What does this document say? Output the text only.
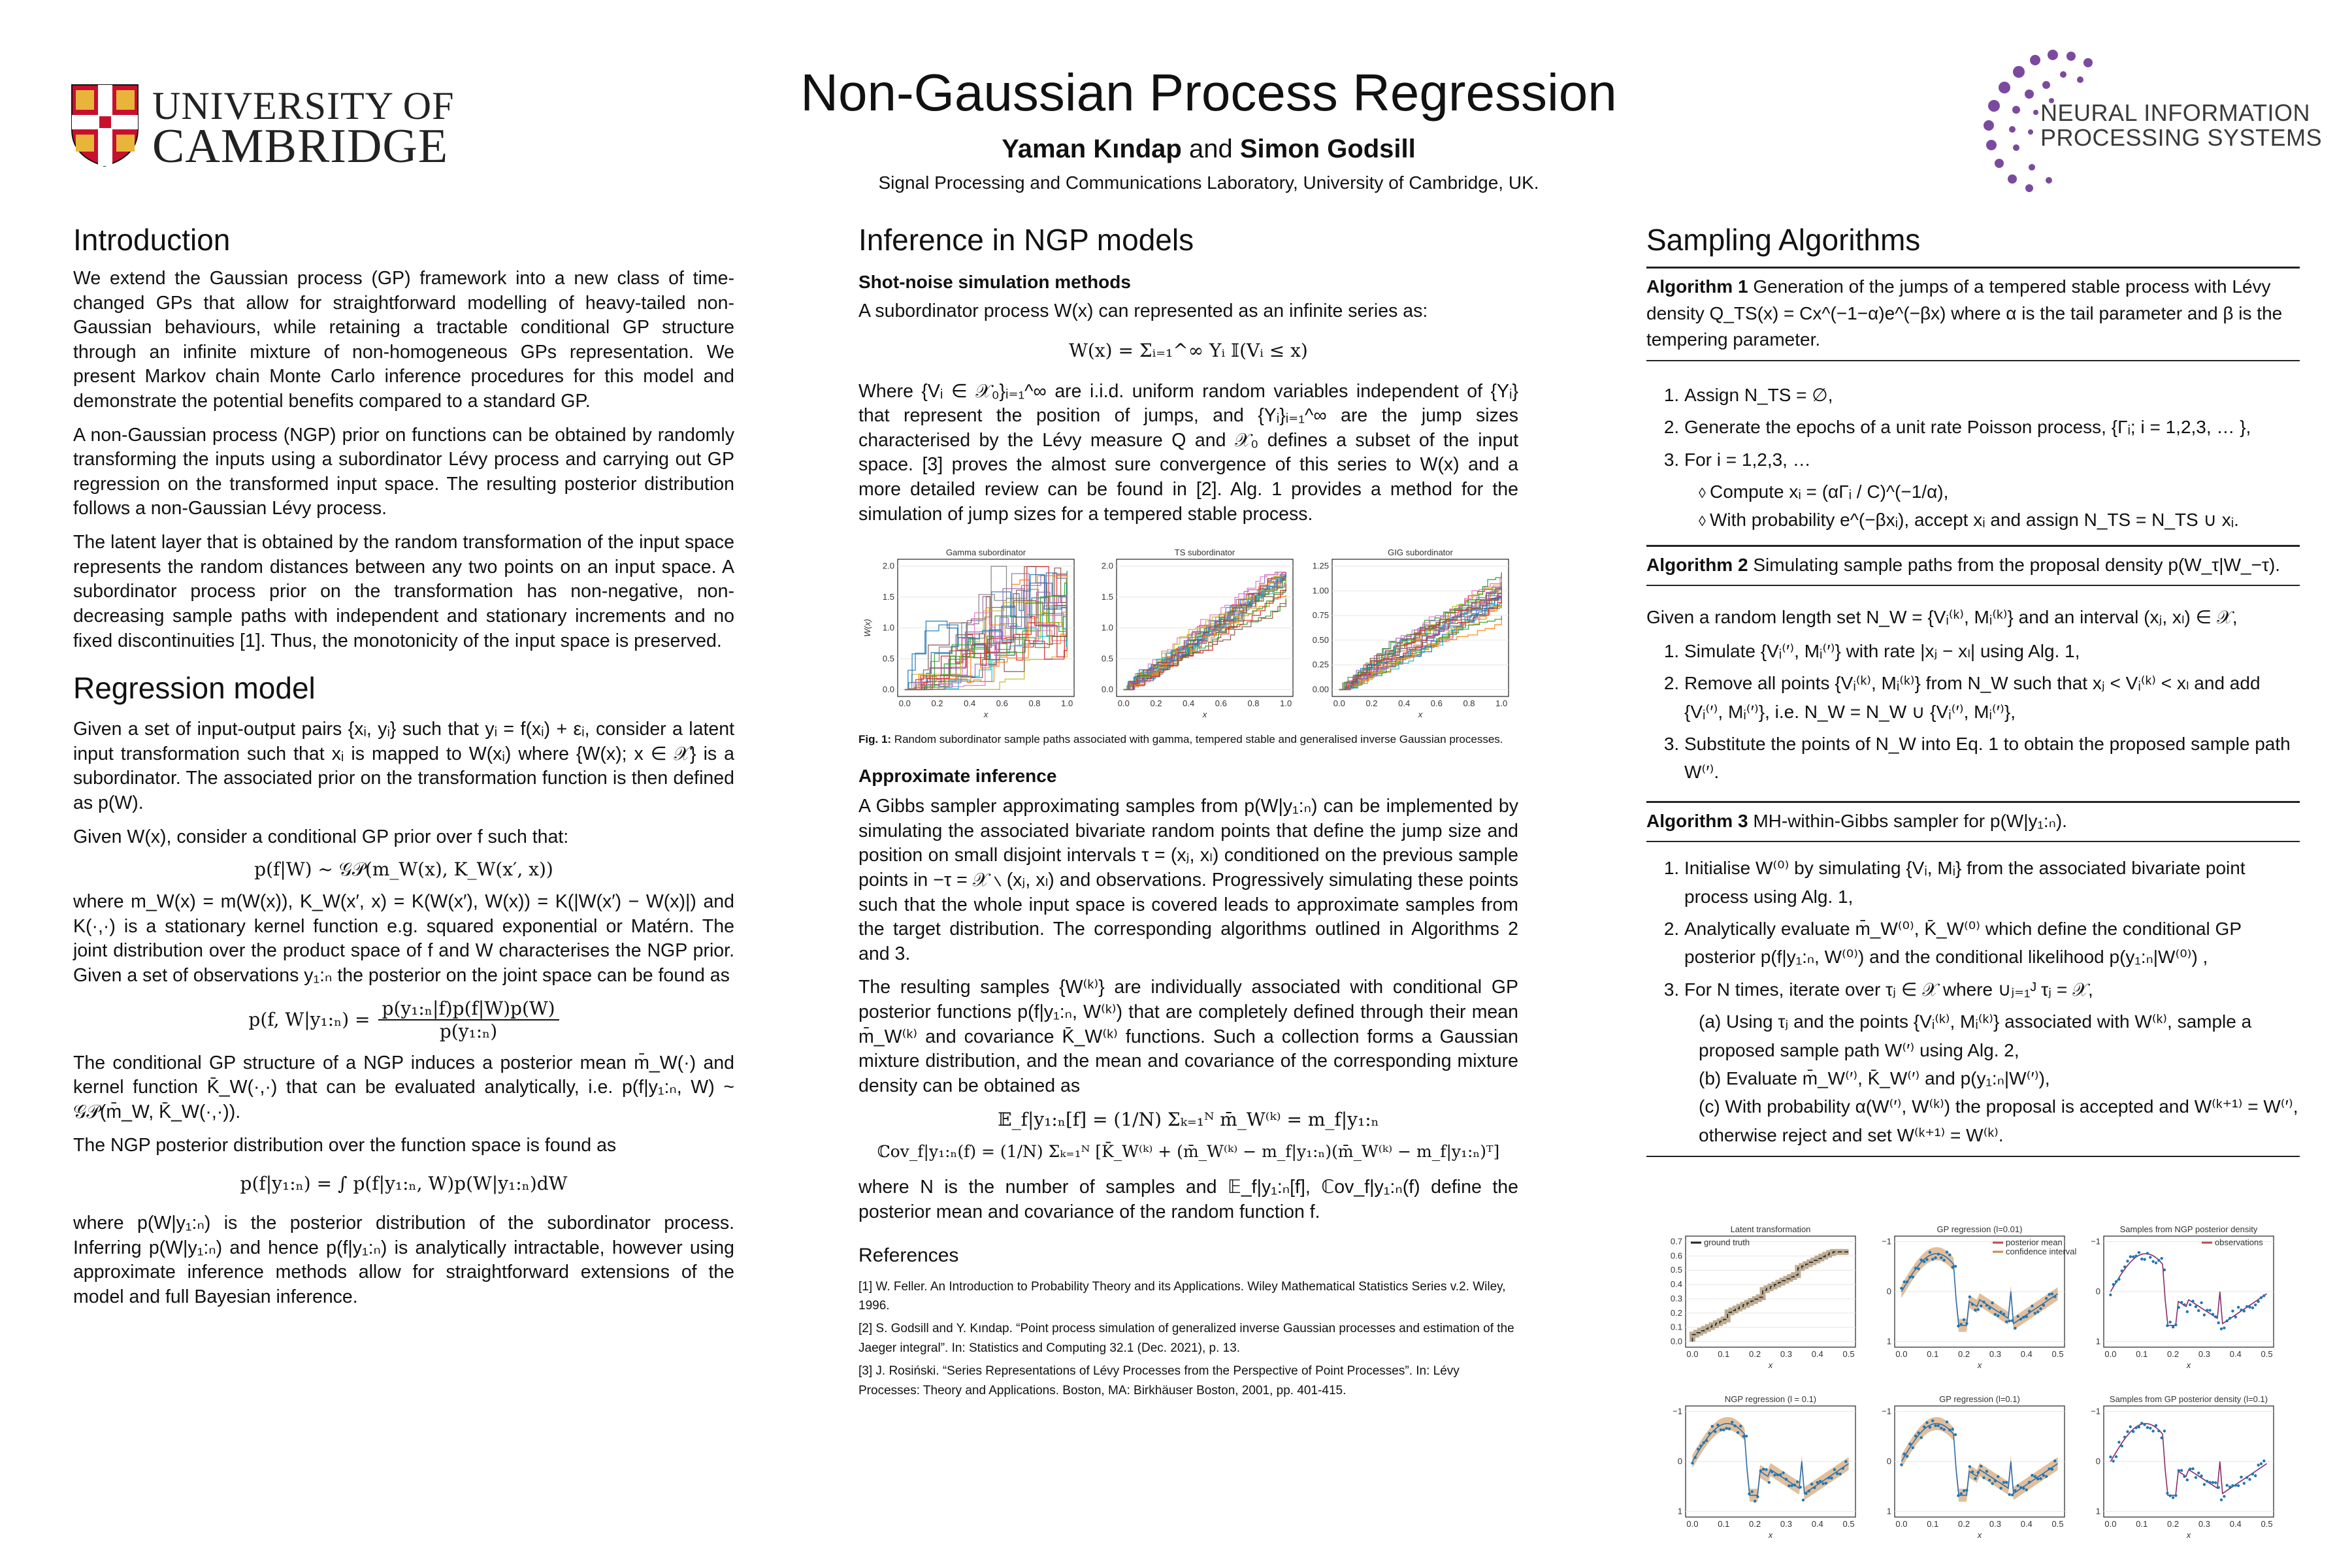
UNIVERSITY OF
CAMBRIDGE
Non-Gaussian Process Regression
Yaman Kındap and Simon Godsill
Signal Processing and Communications Laboratory, University of Cambridge, UK.
NEURAL INFORMATION
PROCESSING SYSTEMS
Introduction

We extend the Gaussian process (GP) framework into a new class of time-changed GPs that allow for straightforward modelling of heavy-tailed non-Gaussian behaviours, while retaining a tractable conditional GP structure through an infinite mixture of non-homogeneous GPs representation. We present Markov chain Monte Carlo inference procedures for this model and demonstrate the potential benefits compared to a standard GP.

A non-Gaussian process (NGP) prior on functions can be obtained by randomly transforming the inputs using a subordinator Lévy process and carrying out GP regression on the transformed input space. The resulting posterior distribution follows a non-Gaussian Lévy process.

The latent layer that is obtained by the random transformation of the input space represents the random distances between any two points on an input space. A subordinator process prior on the transformation has non-negative, non-decreasing sample paths with independent and stationary increments and no fixed discontinuities [1]. Thus, the monotonicity of the input space is preserved.

Regression model

Given a set of input-output pairs {xᵢ, yᵢ} such that yᵢ = f(xᵢ) + εᵢ, consider a latent input transformation such that xᵢ is mapped to W(xᵢ) where {W(x); x ∈ 𝒳} is a subordinator. The associated prior on the transformation function is then defined as p(W).

Given W(x), consider a conditional GP prior over f such that:

p(f|W) ~ 𝒢𝒫(m_W(x), K_W(x′, x))

where m_W(x) = m(W(x)), K_W(x′, x) = K(W(x′), W(x)) = K(|W(x′) − W(x)|) and K(·,·) is a stationary kernel function e.g. squared exponential or Matérn. The joint distribution over the product space of f and W characterises the NGP prior. Given a set of observations y₁:ₙ the posterior on the joint space can be found as

p(f, W|y₁:ₙ) = $\frac{\text{p(y₁:ₙ|f)p(f|W)p(W)}}{\text{p(y₁:ₙ)}}$

The conditional GP structure of a NGP induces a posterior mean m̄_W(·) and kernel function K̄_W(·,·) that can be evaluated analytically, i.e. p(f|y₁:ₙ, W) ~ 𝒢𝒫(m̄_W, K̄_W(·,·)).

The NGP posterior distribution over the function space is found as

p(f|y₁:ₙ) = ∫ p(f|y₁:ₙ, W)p(W|y₁:ₙ)dW

where p(W|y₁:ₙ) is the posterior distribution of the subordinator process. Inferring p(W|y₁:ₙ) and hence p(f|y₁:ₙ) is analytically intractable, however using approximate inference methods allow for straightforward extensions of the model and full Bayesian inference.

Inference in NGP models
Shot-noise simulation methods

A subordinator process W(x) can represented as an infinite series as:

W(x) = Σᵢ₌₁^∞ Yᵢ 𝕀(Vᵢ ≤ x)

Where {Vᵢ ∈ 𝒳₀}ᵢ₌₁^∞ are i.i.d. uniform random variables independent of {Yᵢ} that represent the position of jumps, and {Yᵢ}ᵢ₌₁^∞ are the jump sizes characterised by the Lévy measure Q and 𝒳₀ defines a subset of the input space. [3] proves the almost sure convergence of this series to W(x) and a more detailed review can be found in [2]. Alg. 1 provides a method for the simulation of jump sizes for a tempered stable process.

Gamma subordinator
0.0
0.5
1.0
1.5
2.0
0.0 0.2 0.4 0.6 0.8 1.0
x
W(x)
TS subordinator
0.0
0.5
1.0
1.5
2.0
0.0 0.2 0.4 0.6 0.8 1.0
x
GIG subordinator
0.00
0.25
0.50
0.75
1.00
1.25
0.0 0.2 0.4 0.6 0.8 1.0
x
Fig. 1: Random subordinator sample paths associated with gamma, tempered stable and generalised inverse Gaussian processes.
Approximate inference

A Gibbs sampler approximating samples from p(W|y₁:ₙ) can be implemented by simulating the associated bivariate random points that define the jump size and position on small disjoint intervals τ = (xⱼ, xₗ) conditioned on the previous sample points in −τ = 𝒳 ∖ (xⱼ, xₗ) and observations. Progressively simulating these points such that the whole input space is covered leads to approximate samples from the target distribution. The corresponding algorithms outlined in Algorithms 2 and 3.

The resulting samples {W⁽ᵏ⁾} are individually associated with conditional GP posterior functions p(f|y₁:ₙ, W⁽ᵏ⁾) that are completely defined through their mean m̄_W⁽ᵏ⁾ and covariance K̄_W⁽ᵏ⁾ functions. Such a collection forms a Gaussian mixture distribution, and the mean and covariance of the corresponding mixture density can be obtained as

𝔼_f|y₁:ₙ[f] = (1/N) Σₖ₌₁ᴺ m̄_W⁽ᵏ⁾ = m_f|y₁:ₙ
ℂov_f|y₁:ₙ(f) = (1/N) Σₖ₌₁ᴺ [K̄_W⁽ᵏ⁾ + (m̄_W⁽ᵏ⁾ − m_f|y₁:ₙ)(m̄_W⁽ᵏ⁾ − m_f|y₁:ₙ)ᵀ]

where N is the number of samples and 𝔼_f|y₁:ₙ[f], ℂov_f|y₁:ₙ(f) define the posterior mean and covariance of the random function f.

References

[1] W. Feller. An Introduction to Probability Theory and its Applications. Wiley Mathematical Statistics Series v.2. Wiley, 1996.

[2] S. Godsill and Y. Kındap. “Point process simulation of generalized inverse Gaussian processes and estimation of the Jaeger integral”. In: Statistics and Computing 32.1 (Dec. 2021), p. 13.

[3] J. Rosiński. “Series Representations of Lévy Processes from the Perspective of Point Processes”. In: Lévy Processes: Theory and Applications. Boston, MA: Birkhäuser Boston, 2001, pp. 401-415.

Sampling Algorithms
Algorithm 1 Generation of the jumps of a tempered stable process with Lévy density Q_TS(x) = Cx^(−1−α)e^(−βx) where α is the tail parameter and β is the tempering parameter.
1. Assign N_TS = ∅,
2. Generate the epochs of a unit rate Poisson process, {Γᵢ; i = 1,2,3, … },
3. For i = 1,2,3, …
◊ Compute xᵢ = (αΓᵢ / C)^(−1/α),
◊ With probability e^(−βxᵢ), accept xᵢ and assign N_TS = N_TS ∪ xᵢ.
Algorithm 2 Simulating sample paths from the proposal density p(W_τ|W_−τ).
Given a random length set N_W = {Vᵢ⁽ᵏ⁾, Mᵢ⁽ᵏ⁾} and an interval (xⱼ, xₗ) ∈ 𝒳,
1. Simulate {Vᵢ⁽′⁾, Mᵢ⁽′⁾} with rate |xⱼ − xₗ| using Alg. 1,
2. Remove all points {Vᵢ⁽ᵏ⁾, Mᵢ⁽ᵏ⁾} from N_W such that xⱼ < Vᵢ⁽ᵏ⁾ < xₗ and add {Vᵢ⁽′⁾, Mᵢ⁽′⁾}, i.e. N_W = N_W ∪ {Vᵢ⁽′⁾, Mᵢ⁽′⁾},
3. Substitute the points of N_W into Eq. 1 to obtain the proposed sample path W⁽′⁾.
Algorithm 3 MH-within-Gibbs sampler for p(W|y₁:ₙ).
1. Initialise W⁽⁰⁾ by simulating {Vᵢ, Mᵢ} from the associated bivariate point process using Alg. 1,
2. Analytically evaluate m̄_W⁽⁰⁾, K̄_W⁽⁰⁾ which define the conditional GP posterior p(f|y₁:ₙ, W⁽⁰⁾) and the conditional likelihood p(y₁:ₙ|W⁽⁰⁾) ,
3. For N times, iterate over τⱼ ∈ 𝒳 where ∪ⱼ₌₁ᴶ τⱼ = 𝒳,
(a) Using τⱼ and the points {Vᵢ⁽ᵏ⁾, Mᵢ⁽ᵏ⁾} associated with W⁽ᵏ⁾, sample a proposed sample path W⁽′⁾ using Alg. 2,
(b) Evaluate m̄_W⁽′⁾, K̄_W⁽′⁾ and p(y₁:ₙ|W⁽′⁾),
(c) With probability α(W⁽′⁾, W⁽ᵏ⁾) the proposal is accepted and W⁽ᵏ⁺¹⁾ = W⁽′⁾, otherwise reject and set W⁽ᵏ⁺¹⁾ = W⁽ᵏ⁾.
Latent transformation
0.0
0.1
0.2
0.3
0.4
0.5
0.6
0.7
0.0 0.1 0.2 0.3 0.4 0.5
x
ground truth
GP regression (l=0.01)
1
0
−1
0.0 0.1 0.2 0.3 0.4 0.5
x
posterior mean
confidence interval
Samples from NGP posterior density
1
0
−1
0.0 0.1 0.2 0.3 0.4 0.5
x
observations
NGP regression (l = 0.1)
1
0
−1
0.0 0.1 0.2 0.3 0.4 0.5
x
GP regression (l=0.1)
1
0
−1
0.0 0.1 0.2 0.3 0.4 0.5
x
Samples from GP posterior density (l=0.1)
1
0
−1
0.0 0.1 0.2 0.3 0.4 0.5
x
